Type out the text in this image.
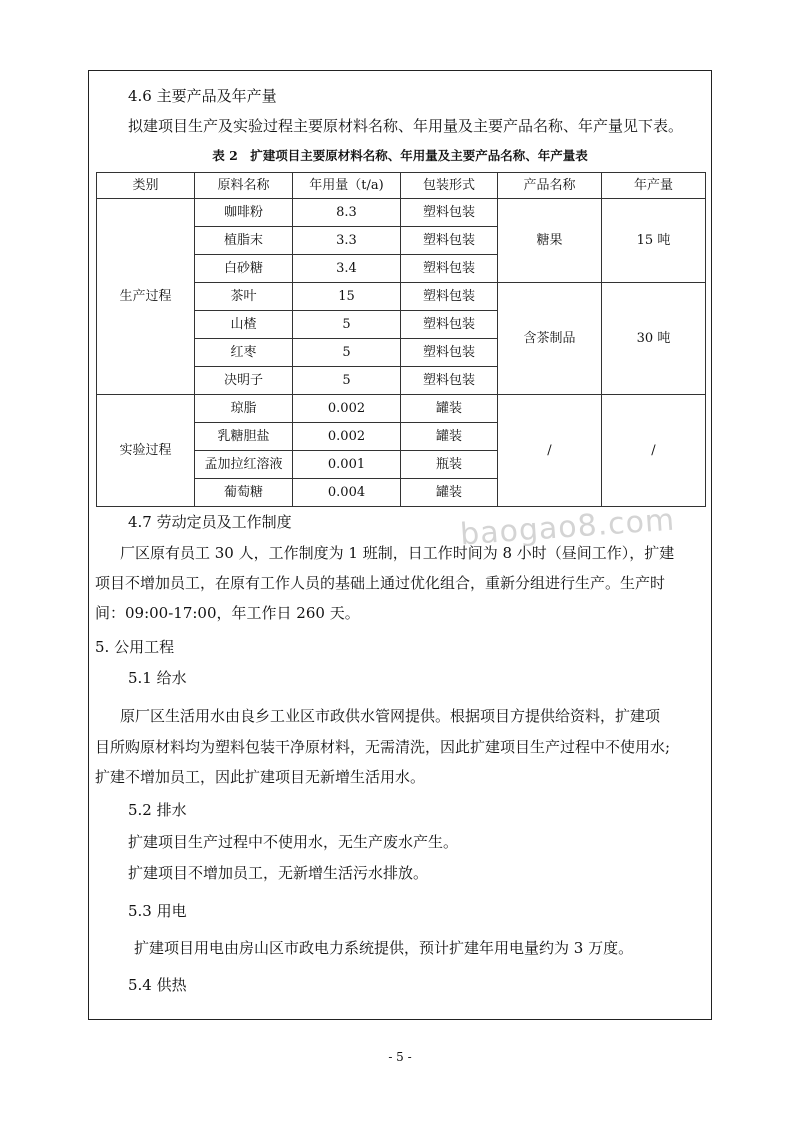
4.6 主要产品及年产量
拟建项目生产及实验过程主要原材料名称、年用量及主要产品名称、年产量见下表。
表 2　扩建项目主要原材料名称、年用量及主要产品名称、年产量表
类别	原料名称	年用量（t/a)	包装形式	产品名称	年产量
生产过程	咖啡粉	8.3	塑料包装	糖果	15 吨
	植脂末	3.3	塑料包装		
	白砂糖	3.4	塑料包装		
	茶叶	15	塑料包装	含茶制品	30 吨
	山楂	5	塑料包装		
	红枣	5	塑料包装		
	决明子	5	塑料包装		
实验过程	琼脂	0.002	罐装	/	/
	乳糖胆盐	0.002	罐装		
	孟加拉红溶液	0.001	瓶装		
	葡萄糖	0.004	罐装		
4.7 劳动定员及工作制度
厂区原有员工 30 人，工作制度为 1 班制，日工作时间为 8 小时（昼间工作），扩建
项目不增加员工，在原有工作人员的基础上通过优化组合，重新分组进行生产。生产时
间：09:00-17:00，年工作日 260 天。
5. 公用工程
5.1 给水
原厂区生活用水由良乡工业区市政供水管网提供。根据项目方提供给资料，扩建项
目所购原材料均为塑料包装干净原材料，无需清洗，因此扩建项目生产过程中不使用水;
扩建不增加员工，因此扩建项目无新增生活用水。
5.2 排水
扩建项目生产过程中不使用水，无生产废水产生。
扩建项目不增加员工，无新增生活污水排放。
5.3 用电
扩建项目用电由房山区市政电力系统提供，预计扩建年用电量约为 3 万度。
5.4 供热
baogao8.com
- 5 -
